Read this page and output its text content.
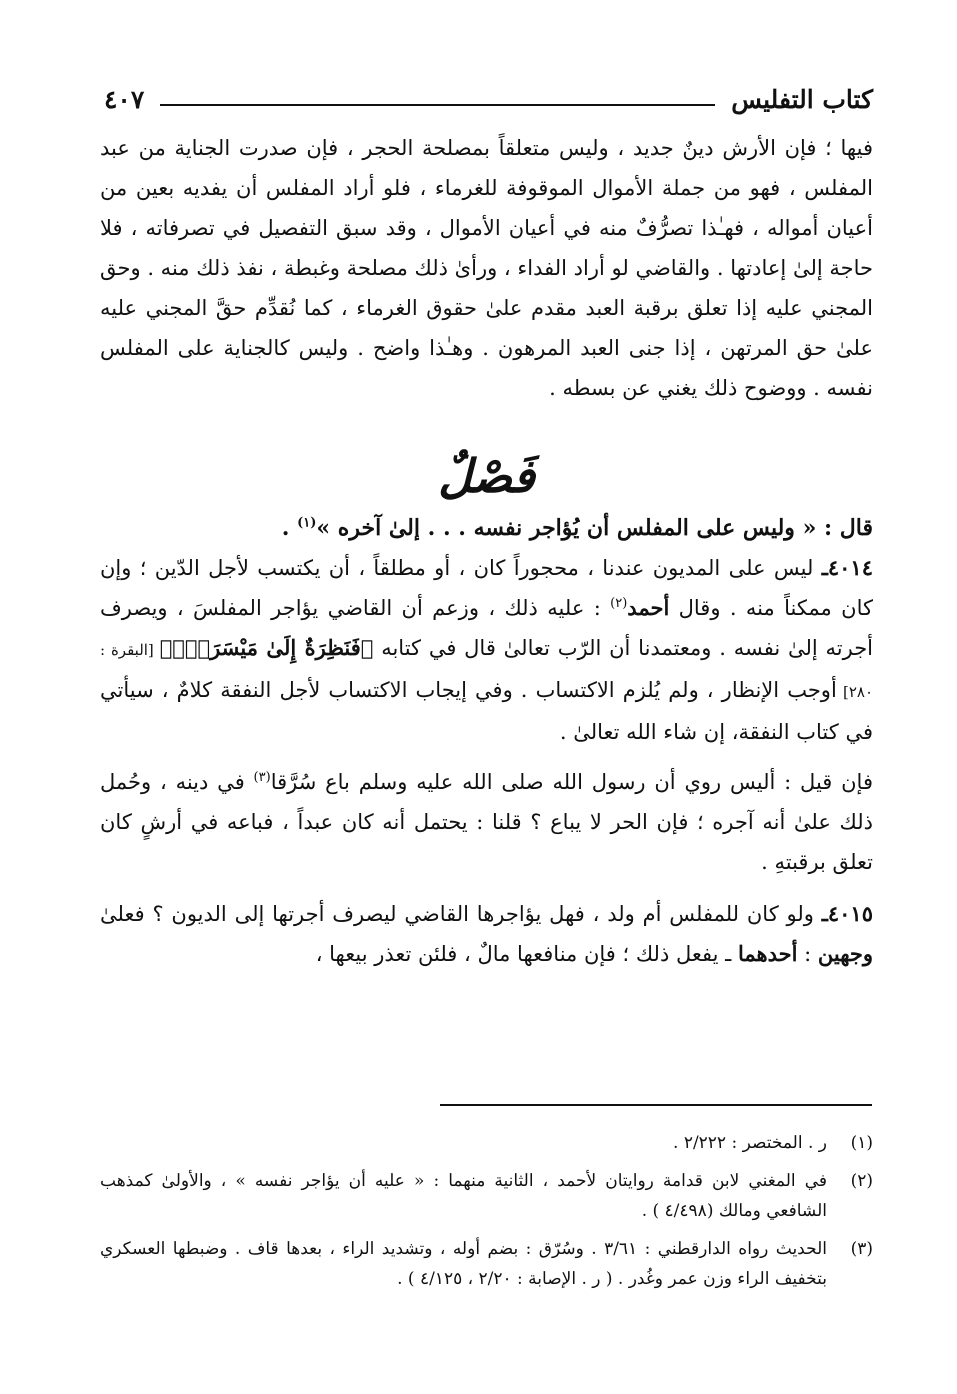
كتاب التفليس
٤٠٧

فيها ؛ فإن الأرش دينٌ جديد ، وليس متعلقاً بمصلحة الحجر ، فإن صدرت الجناية من عبد المفلس ، فهو من جملة الأموال الموقوفة للغرماء ، فلو أراد المفلس أن يفديه بعين من أعيان أمواله ، فهـٰذا تصرُّفٌ منه في أعيان الأموال ، وقد سبق التفصيل في تصرفاته ، فلا حاجة إلىٰ إعادتها . والقاضي لو أراد الفداء ، ورأىٰ ذلك مصلحة وغبطة ، نفذ ذلك منه . وحق المجني عليه إذا تعلق برقبة العبد مقدم علىٰ حقوق الغرماء ، كما نُقدِّم حقَّ المجني عليه علىٰ حق المرتهن ، إذا جنى العبد المرهون . وهـٰذا واضح . وليس كالجناية على المفلس نفسه . ووضوح ذلك يغني عن بسطه .

فَصْلٌ

قال : « وليس على المفلس أن يُؤاجر نفسه . . . إلىٰ آخره »$^{(١)}$ .

٤٠١٤ـ ليس على المديون عندنا ، محجوراً كان ، أو مطلقاً ، أن يكتسب لأجل الدّين ؛ وإن كان ممكناً منه . وقال أحمد$^{(٢)}$ : عليه ذلك ، وزعم أن القاضي يؤاجر المفلسَ ، ويصرف أجرته إلىٰ نفسه . ومعتمدنا أن الرّب تعالىٰ قال في كتابه ﴿فَنَظِرَةٌ إِلَىٰ مَيْسَرَةٍۚ﴾ [البقرة : ٢٨٠] أوجب الإنظار ، ولم يُلزم الاكتساب . وفي إيجاب الاكتساب لأجل النفقة كلامٌ ، سيأتي في كتاب النفقة، إن شاء الله تعالىٰ .

فإن قيل : أليس روي أن رسول الله صلى الله عليه وسلم باع سُرَّقا$^{(٣)}$ في دينه ، وحُمل ذلك علىٰ أنه آجره ؛ فإن الحر لا يباع ؟ قلنا : يحتمل أنه كان عبداً ، فباعه في أرشٍ كان تعلق برقبتهِ .

٤٠١٥ـ ولو كان للمفلس أم ولد ، فهل يؤاجرها القاضي ليصرف أجرتها إلى الديون ؟ فعلىٰ وجهين : أحدهما ـ يفعل ذلك ؛ فإن منافعها مالٌ ، فلئن تعذر بيعها ،

(١)
ر . المختصر : ٢/٢٢٢ .
(٢)
في المغني لابن قدامة روايتان لأحمد ، الثانية منهما : « عليه أن يؤاجر نفسه » ، والأولىٰ كمذهب الشافعي ومالك (٤/٤٩٨ ) .
(٣)
الحديث رواه الدارقطني : ٣/٦١ . وسُرّق : بضم أوله ، وتشديد الراء ، بعدها قاف . وضبطها العسكري بتخفيف الراء وزن عمر وغُدر . ( ر . الإصابة : ٢/٢٠ ، ٤/١٢٥ ) .
